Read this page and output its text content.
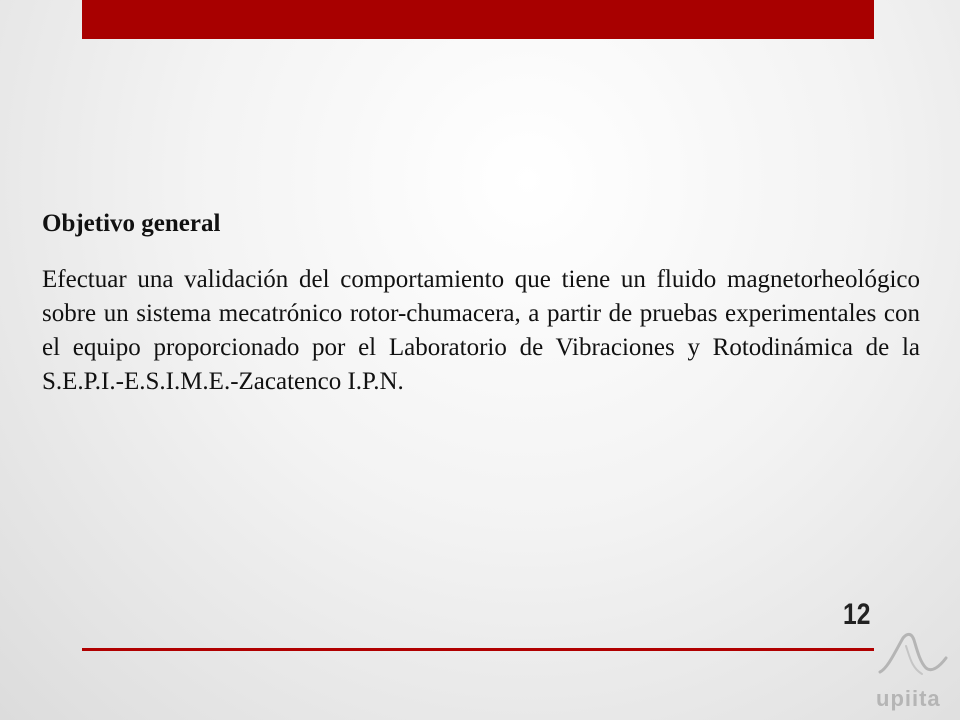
Objetivo general

Efectuar una validación del comportamiento que tiene un fluido magnetorheológico sobre un sistema mecatrónico rotor-chumacera, a partir de pruebas experimentales con el equipo proporcionado por el Laboratorio de Vibraciones y Rotodinámica de la S.E.P.I.-E.S.I.M.E.-Zacatenco I.P.N.

12
upiita
